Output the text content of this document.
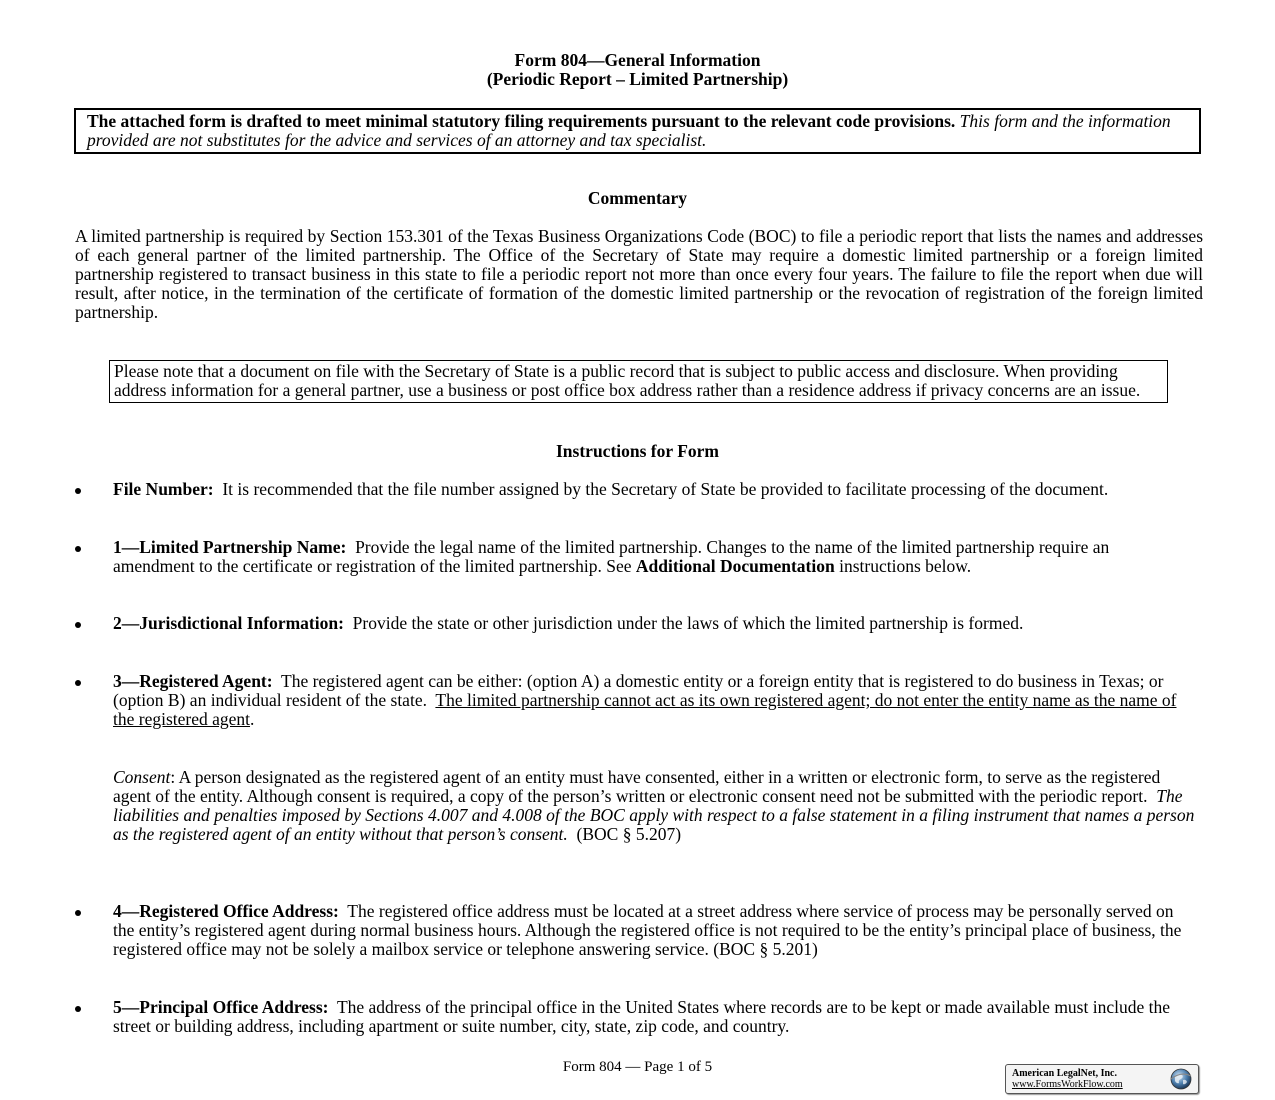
Form 804—General Information
(Periodic Report – Limited Partnership)
The attached form is drafted to meet minimal statutory filing requirements pursuant to the relevant code provisions. This form and the information provided are not substitutes for the advice and services of an attorney and tax specialist.
Commentary
A limited partnership is required by Section 153.301 of the Texas Business Organizations Code (BOC) to file a periodic report that lists the names and addresses of each general partner of the limited partnership. The Office of the Secretary of State may require a domestic limited partnership or a foreign limited partnership registered to transact business in this state to file a periodic report not more than once every four years. The failure to file the report when due will result, after notice, in the termination of the certificate of formation of the domestic limited partnership or the revocation of registration of the foreign limited partnership.
Please note that a document on file with the Secretary of State is a public record that is subject to public access and disclosure. When providing address information for a general partner, use a business or post office box address rather than a residence address if privacy concerns are an issue.
Instructions for Form
File Number: It is recommended that the file number assigned by the Secretary of State be provided to facilitate processing of the document.
1—Limited Partnership Name: Provide the legal name of the limited partnership. Changes to the name of the limited partnership require an amendment to the certificate or registration of the limited partnership. See Additional Documentation instructions below.
2—Jurisdictional Information: Provide the state or other jurisdiction under the laws of which the limited partnership is formed.
3—Registered Agent: The registered agent can be either: (option A) a domestic entity or a foreign entity that is registered to do business in Texas; or (option B) an individual resident of the state. The limited partnership cannot act as its own registered agent; do not enter the entity name as the name of the registered agent.
Consent: A person designated as the registered agent of an entity must have consented, either in a written or electronic form, to serve as the registered agent of the entity. Although consent is required, a copy of the person’s written or electronic consent need not be submitted with the periodic report. The liabilities and penalties imposed by Sections 4.007 and 4.008 of the BOC apply with respect to a false statement in a filing instrument that names a person as the registered agent of an entity without that person’s consent. (BOC § 5.207)
4—Registered Office Address: The registered office address must be located at a street address where service of process may be personally served on the entity’s registered agent during normal business hours. Although the registered office is not required to be the entity’s principal place of business, the registered office may not be solely a mailbox service or telephone answering service. (BOC § 5.201)
5—Principal Office Address: The address of the principal office in the United States where records are to be kept or made available must include the street or building address, including apartment or suite number, city, state, zip code, and country.
Form 804 — Page 1 of 5	American LegalNet, Inc.
www.FormsWorkFlow.com
